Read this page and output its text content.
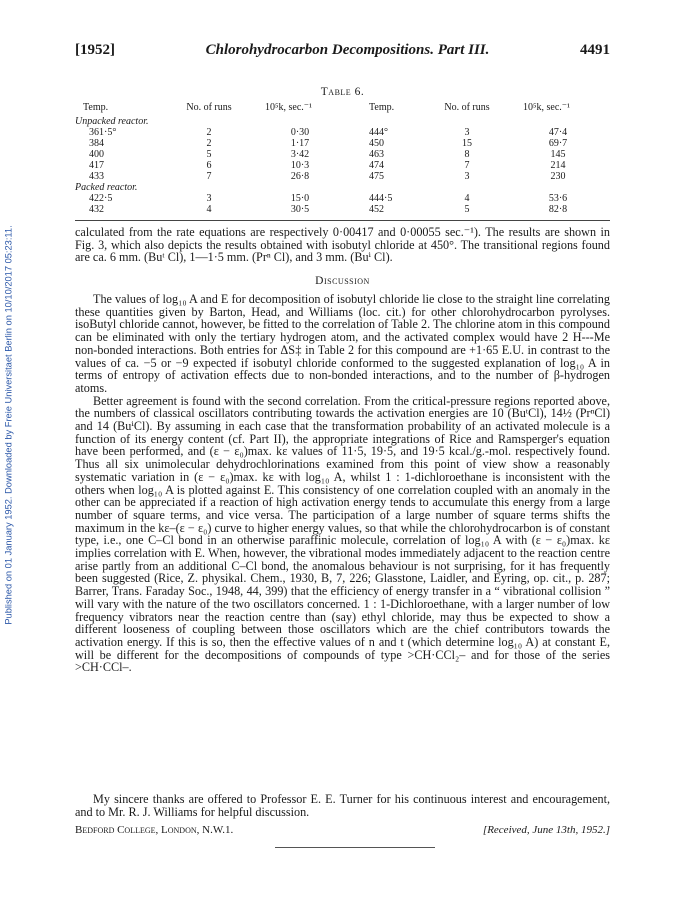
Published on 01 January 1952. Downloaded by Freie Universitaet Berlin on 10/10/2017 05:23:11.
[1952]	Chlorohydrocarbon Decompositions. Part III.	4491
Table 6.
Temp.	No. of runs	10⁵k, sec.⁻¹	Temp.	No. of runs	10⁵k, sec.⁻¹
Unpacked reactor.
361·5°	2	0·30	444°	3	47·4
384	2	1·17	450	15	69·7
400	5	3·42	463	8	145
417	6	10·3	474	7	214
433	7	26·8	475	3	230
Packed reactor.
422·5	3	15·0	444·5	4	53·6
432	4	30·5	452	5	82·8

calculated from the rate equations are respectively 0·00417 and 0·00055 sec.⁻¹). The results are shown in Fig. 3, which also depicts the results obtained with isobutyl chloride at 450°. The transitional regions found are ca. 6 mm. (Buᵗ Cl), 1—1·5 mm. (Prⁿ Cl), and 3 mm. (Buⁱ Cl).

Discussion

The values of log₁₀ A and E for decomposition of isobutyl chloride lie close to the straight line correlating these quantities given by Barton, Head, and Williams (loc. cit.) for other chlorohydrocarbon pyrolyses. isoButyl chloride cannot, however, be fitted to the correlation of Table 2. The chlorine atom in this compound can be eliminated with only the tertiary hydrogen atom, and the activated complex would have 2 H---Me non-bonded interactions. Both entries for ΔS‡ in Table 2 for this compound are +1·65 E.U. in contrast to the values of ca. −5 or −9 expected if isobutyl chloride conformed to the suggested explanation of log₁₀ A in terms of entropy of activation effects due to non-bonded interactions, and to the number of β-hydrogen atoms.

Better agreement is found with the second correlation. From the critical-pressure regions reported above, the numbers of classical oscillators contributing towards the activation energies are 10 (BuᵗCl), 14½ (PrⁿCl) and 14 (BuⁱCl). By assuming in each case that the transformation probability of an activated molecule is a function of its energy content (cf. Part II), the appropriate integrations of Rice and Ramsperger's equation have been performed, and (ε − ε₀)max. kε values of 11·5, 19·5, and 19·5 kcal./g.-mol. respectively found. Thus all six unimolecular dehydrochlorinations examined from this point of view show a reasonably systematic variation in (ε − ε₀)max. kε with log₁₀ A, whilst 1 : 1-dichloroethane is inconsistent with the others when log₁₀ A is plotted against E. This consistency of one correlation coupled with an anomaly in the other can be appreciated if a reaction of high activation energy tends to accumulate this energy from a large number of square terms, and vice versa. The participation of a large number of square terms shifts the maximum in the kε–(ε − ε₀) curve to higher energy values, so that while the chlorohydrocarbon is of constant type, i.e., one C–Cl bond in an otherwise paraffinic molecule, correlation of log₁₀ A with (ε − ε₀)max. kε implies correlation with E. When, however, the vibrational modes immediately adjacent to the reaction centre arise partly from an additional C–Cl bond, the anomalous behaviour is not surprising, for it has frequently been suggested (Rice, Z. physikal. Chem., 1930, B, 7, 226; Glasstone, Laidler, and Eyring, op. cit., p. 287; Barrer, Trans. Faraday Soc., 1948, 44, 399) that the efficiency of energy transfer in a “ vibrational collision ” will vary with the nature of the two oscillators concerned. 1 : 1-Dichloroethane, with a larger number of low frequency vibrators near the reaction centre than (say) ethyl chloride, may thus be expected to show a different looseness of coupling between those oscillators which are the chief contributors towards the activation energy. If this is so, then the effective values of n and t (which determine log₁₀ A) at constant E, will be different for the decompositions of compounds of type >CH·CCl₂– and for those of the series >CH·CCl–.

My sincere thanks are offered to Professor E. E. Turner for his continuous interest and encouragement, and to Mr. R. J. Williams for helpful discussion.

Bedford College, London, N.W.1.	[Received, June 13th, 1952.]
